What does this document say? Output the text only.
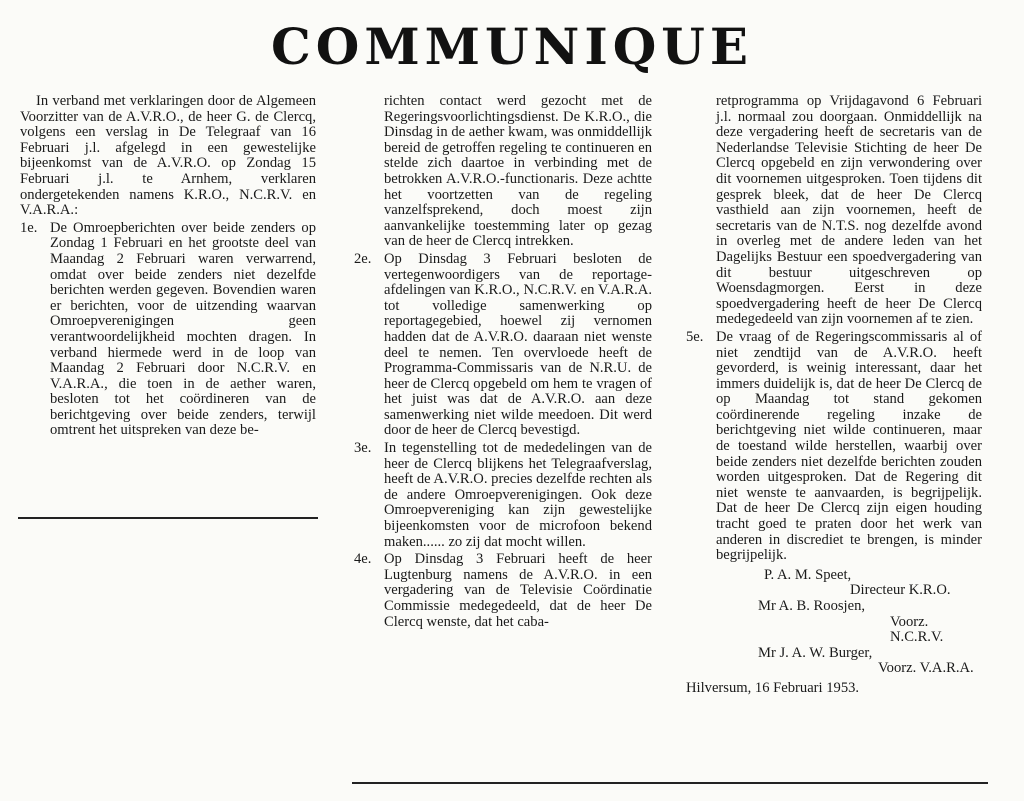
COMMUNIQUE

In verband met verklaringen door de Algemeen Voorzitter van de A.V.R.O., de heer G. de Clercq, volgens een verslag in De Telegraaf van 16 Februari j.l. afgelegd in een gewestelijke bijeenkomst van de A.V.R.O. op Zondag 15 Februari j.l. te Arnhem, verklaren ondergetekenden namens K.R.O., N.C.R.V. en V.A.R.A.:

1e. De Omroepberichten over beide zenders op Zondag 1 Februari en het grootste deel van Maandag 2 Februari waren verwarrend, omdat over beide zenders niet dezelfde berichten werden gegeven. Bovendien waren er berichten, voor de uitzending waarvan Omroepverenigingen geen verantwoordelijkheid mochten dragen. In verband hiermede werd in de loop van Maandag 2 Februari door N.C.R.V. en V.A.R.A., die toen in de aether waren, besloten tot het coördineren van de berichtgeving over beide zenders, terwijl omtrent het uitspreken van deze be-
richten contact werd gezocht met de Regeringsvoorlichtingsdienst. De K.R.O., die Dinsdag in de aether kwam, was onmiddellijk bereid de getroffen regeling te continueren en stelde zich daartoe in verbinding met de betrokken A.V.R.O.-functionaris. Deze achtte het voortzetten van de regeling vanzelfsprekend, doch moest zijn aanvankelijke toestemming later op gezag van de heer de Clercq intrekken.
2e. Op Dinsdag 3 Februari besloten de vertegenwoordigers van de reportage-afdelingen van K.R.O., N.C.R.V. en V.A.R.A. tot volledige samenwerking op reportagegebied, hoewel zij vernomen hadden dat de A.V.R.O. daaraan niet wenste deel te nemen. Ten overvloede heeft de Programma-Commissaris van de N.R.U. de heer de Clercq opgebeld om hem te vragen of het juist was dat de A.V.R.O. aan deze samenwerking niet wilde meedoen. Dit werd door de heer de Clercq bevestigd.
3e. In tegenstelling tot de mededelingen van de heer de Clercq blijkens het Telegraafverslag, heeft de A.V.R.O. precies dezelfde rechten als de andere Omroepverenigingen. Ook deze Omroepvereniging kan zijn gewestelijke bijeenkomsten voor de microfoon bekend maken...... zo zij dat mocht willen.
4e. Op Dinsdag 3 Februari heeft de heer Lugtenburg namens de A.V.R.O. in een vergadering van de Televisie Coördinatie Commissie medegedeeld, dat de heer De Clercq wenste, dat het caba-
retprogramma op Vrijdagavond 6 Februari j.l. normaal zou doorgaan. Onmiddellijk na deze vergadering heeft de secretaris van de Nederlandse Televisie Stichting de heer De Clercq opgebeld en zijn verwondering over dit voornemen uitgesproken. Toen tijdens dit gesprek bleek, dat de heer De Clercq vasthield aan zijn voornemen, heeft de secretaris van de N.T.S. nog dezelfde avond in overleg met de andere leden van het Dagelijks Bestuur een spoedvergadering van dit bestuur uitgeschreven op Woensdagmorgen. Eerst in deze spoedvergadering heeft de heer De Clercq medegedeeld van zijn voornemen af te zien.
5e. De vraag of de Regeringscommissaris al of niet zendtijd van de A.V.R.O. heeft gevorderd, is weinig interessant, daar het immers duidelijk is, dat de heer De Clercq de op Maandag tot stand gekomen coördinerende regeling inzake de berichtgeving niet wilde continueren, maar de toestand wilde herstellen, waarbij over beide zenders niet dezelfde berichten zouden worden uitgesproken. Dat de Regering dit niet wenste te aanvaarden, is begrijpelijk. Dat de heer De Clercq zijn eigen houding tracht goed te praten door het werk van anderen in discrediet te brengen, is minder begrijpelijk.
P. A. M. Speet,
Directeur K.R.O.
Mr A. B. Roosjen,
Voorz. N.C.R.V.
Mr J. A. W. Burger,
Voorz. V.A.R.A.
Hilversum, 16 Februari 1953.
